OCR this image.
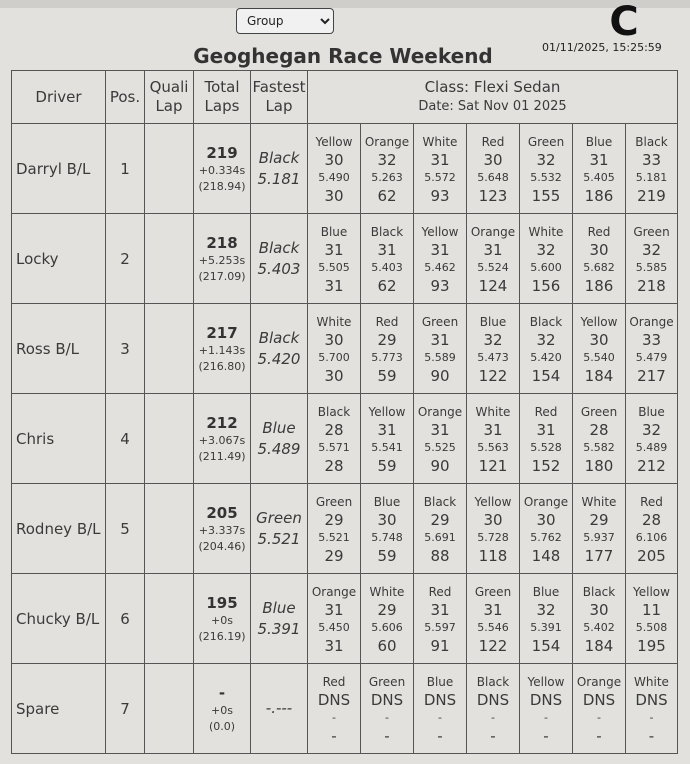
Group
C
01/11/2025, 15:25:59
Geoghegan Race Weekend
Driver	Pos.	Quali
Lap	Total
Laps	Fastest
Lap	Class: Flexi Sedan
Date: Sat Nov 01 2025						

Darryl B/L	1		219
+0.334s
(218.94)	Black
5.181	Yellow
30
5.490
30	Orange
32
5.263
62	White
31
5.572
93	Red
30
5.648
123	Green
32
5.532
155	Blue
31
5.405
186	Black
33
5.181
219

Locky	2		218
+5.253s
(217.09)	Black
5.403	Blue
31
5.505
31	Black
31
5.403
62	Yellow
31
5.462
93	Orange
31
5.524
124	White
32
5.600
156	Red
30
5.682
186	Green
32
5.585
218

Ross B/L	3		217
+1.143s
(216.80)	Black
5.420	White
30
5.700
30	Red
29
5.773
59	Green
31
5.589
90	Blue
32
5.473
122	Black
32
5.420
154	Yellow
30
5.540
184	Orange
33
5.479
217

Chris	4		212
+3.067s
(211.49)	Blue
5.489	Black
28
5.571
28	Yellow
31
5.541
59	Orange
31
5.525
90	White
31
5.563
121	Red
31
5.528
152	Green
28
5.582
180	Blue
32
5.489
212

Rodney B/L	5		205
+3.337s
(204.46)	Green
5.521	Green
29
5.521
29	Blue
30
5.748
59	Black
29
5.691
88	Yellow
30
5.728
118	Orange
30
5.762
148	White
29
5.937
177	Red
28
6.106
205

Chucky B/L	6		195
+0s
(216.19)	Blue
5.391	Orange
31
5.450
31	White
29
5.606
60	Red
31
5.597
91	Green
31
5.546
122	Blue
32
5.391
154	Black
30
5.402
184	Yellow
11
5.508
195

Spare	7		-
+0s
(0.0)	-.---	Red
DNS
-
-	Green
DNS
-
-	Blue
DNS
-
-	Black
DNS
-
-	Yellow
DNS
-
-	Orange
DNS
-
-	White
DNS
-
-
